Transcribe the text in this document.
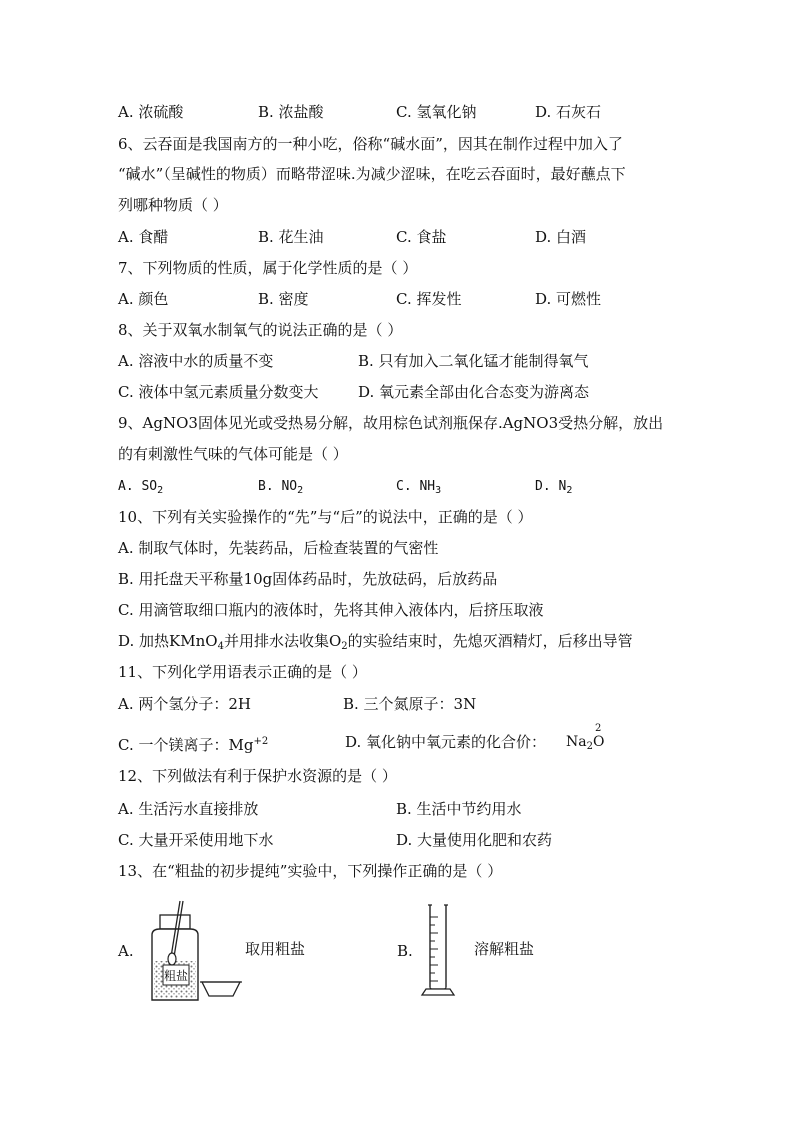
A. 浓硫酸	B. 浓盐酸	C. 氢氧化钠	D. 石灰石
6、云吞面是我国南方的一种小吃，俗称“碱水面”，因其在制作过程中加入了
“碱水”（呈碱性的物质）而略带涩味.为减少涩味，在吃云吞面时，最好蘸点下
列哪种物质（ ）
A. 食醋	B. 花生油	C. 食盐	D. 白酒
7、下列物质的性质，属于化学性质的是（ ）
A. 颜色	B. 密度	C. 挥发性	D. 可燃性
8、关于双氧水制氧气的说法正确的是（ ）
A. 溶液中水的质量不变	B. 只有加入二氧化锰才能制得氧气
C. 液体中氢元素质量分数变大	D. 氧元素全部由化合态变为游离态
9、AgNO3固体见光或受热易分解，故用棕色试剂瓶保存.AgNO3受热分解，放出
的有刺激性气味的气体可能是（ ）
A. $SO_2$	B. $NO_2$	C. $NH_3$	D. $N_2$
10、下列有关实验操作的“先”与“后”的说法中，正确的是（ ）
A. 制取气体时，先装药品，后检查装置的气密性
B. 用托盘天平称量10g固体药品时，先放砝码，后放药品
C. 用滴管取细口瓶内的液体时，先将其伸入液体内，后挤压取液
D. 加热KMnO$_4$并用排水法收集$O_2$的实验结束时，先熄灭酒精灯，后移出导管
11、下列化学用语表示正确的是（ ）
A. 两个氢分子：2H	B. 三个氮原子：3N
C. 一个镁离子：$Mg^{+2}$	D. 氧化钠中氧元素的化合价： $Na_2$
2
O
12、下列做法有利于保护水资源的是（ ）
A. 生活污水直接排放	B. 生活中节约用水
C. 大量开采使用地下水	D. 大量使用化肥和农药
13、在“粗盐的初步提纯”实验中，下列操作正确的是（ ）
A.
粗盐
取用粗盐	B.	溶解粗盐
